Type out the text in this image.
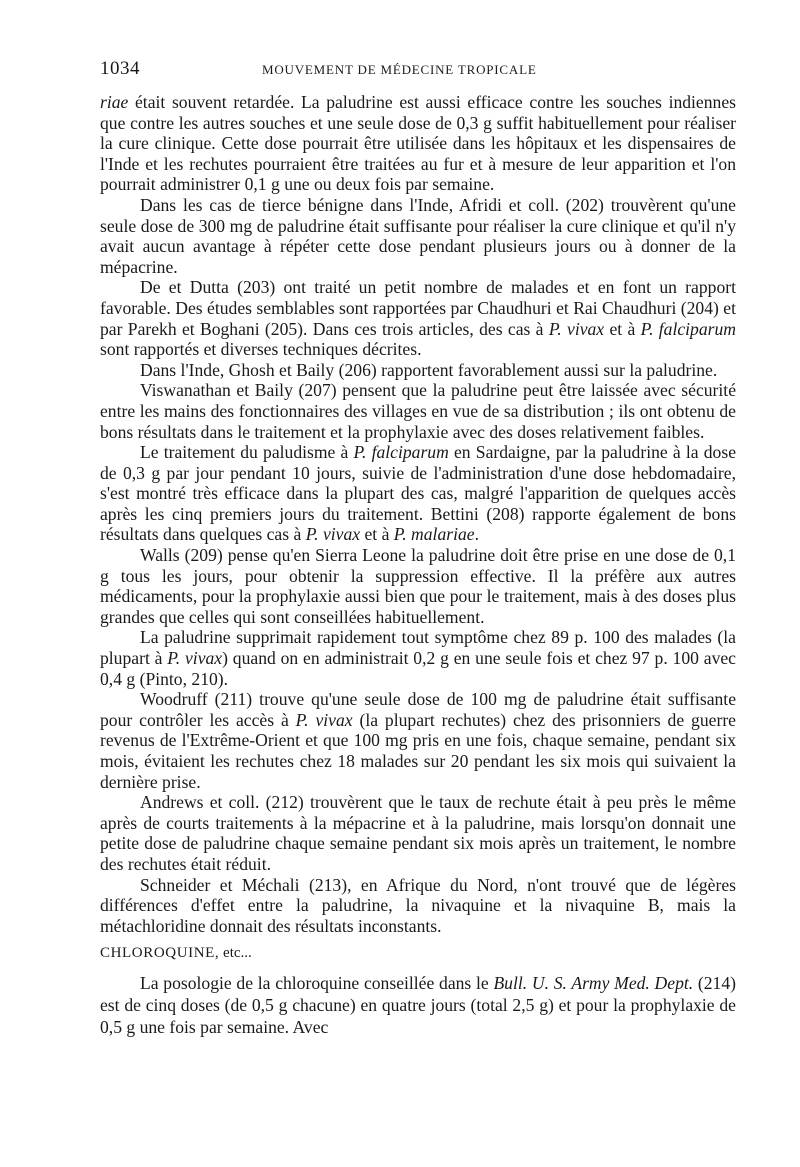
1034	MOUVEMENT DE MÉDECINE TROPICALE

riae était souvent retardée. La paludrine est aussi efficace contre les souches indiennes que contre les autres souches et une seule dose de 0,3 g suffit habituellement pour réaliser la cure clinique. Cette dose pourrait être utilisée dans les hôpitaux et les dispensaires de l'Inde et les rechutes pourraient être traitées au fur et à mesure de leur apparition et l'on pourrait administrer 0,1 g une ou deux fois par semaine.

Dans les cas de tierce bénigne dans l'Inde, Afridi et coll. (202) trouvèrent qu'une seule dose de 300 mg de paludrine était suffisante pour réaliser la cure clinique et qu'il n'y avait aucun avantage à répéter cette dose pendant plusieurs jours ou à donner de la mépacrine.

De et Dutta (203) ont traité un petit nombre de malades et en font un rapport favorable. Des études semblables sont rapportées par Chaudhuri et Rai Chaudhuri (204) et par Parekh et Boghani (205). Dans ces trois articles, des cas à P. vivax et à P. falciparum sont rapportés et diverses techniques décrites.

Dans l'Inde, Ghosh et Baily (206) rapportent favorablement aussi sur la paludrine.

Viswanathan et Baily (207) pensent que la paludrine peut être laissée avec sécurité entre les mains des fonctionnaires des villages en vue de sa distribution ; ils ont obtenu de bons résultats dans le traitement et la prophylaxie avec des doses relativement faibles.

Le traitement du paludisme à P. falciparum en Sardaigne, par la paludrine à la dose de 0,3 g par jour pendant 10 jours, suivie de l'administration d'une dose hebdomadaire, s'est montré très efficace dans la plupart des cas, malgré l'apparition de quelques accès après les cinq premiers jours du traitement. Bettini (208) rapporte également de bons résultats dans quelques cas à P. vivax et à P. malariae.

Walls (209) pense qu'en Sierra Leone la paludrine doit être prise en une dose de 0,1 g tous les jours, pour obtenir la suppression effective. Il la préfère aux autres médicaments, pour la prophylaxie aussi bien que pour le traitement, mais à des doses plus grandes que celles qui sont conseillées habituellement.

La paludrine supprimait rapidement tout symptôme chez 89 p. 100 des malades (la plupart à P. vivax) quand on en administrait 0,2 g en une seule fois et chez 97 p. 100 avec 0,4 g (Pinto, 210).

Woodruff (211) trouve qu'une seule dose de 100 mg de paludrine était suffisante pour contrôler les accès à P. vivax (la plupart rechutes) chez des prisonniers de guerre revenus de l'Extrême-Orient et que 100 mg pris en une fois, chaque semaine, pendant six mois, évitaient les rechutes chez 18 malades sur 20 pendant les six mois qui suivaient la dernière prise.

Andrews et coll. (212) trouvèrent que le taux de rechute était à peu près le même après de courts traitements à la mépacrine et à la paludrine, mais lorsqu'on donnait une petite dose de paludrine chaque semaine pendant six mois après un traitement, le nombre des rechutes était réduit.

Schneider et Méchali (213), en Afrique du Nord, n'ont trouvé que de légères différences d'effet entre la paludrine, la nivaquine et la nivaquine B, mais la métachloridine donnait des résultats inconstants.

CHLOROQUINE, etc...

La posologie de la chloroquine conseillée dans le Bull. U. S. Army Med. Dept. (214) est de cinq doses (de 0,5 g chacune) en quatre jours (total 2,5 g) et pour la prophylaxie de 0,5 g une fois par semaine. Avec
